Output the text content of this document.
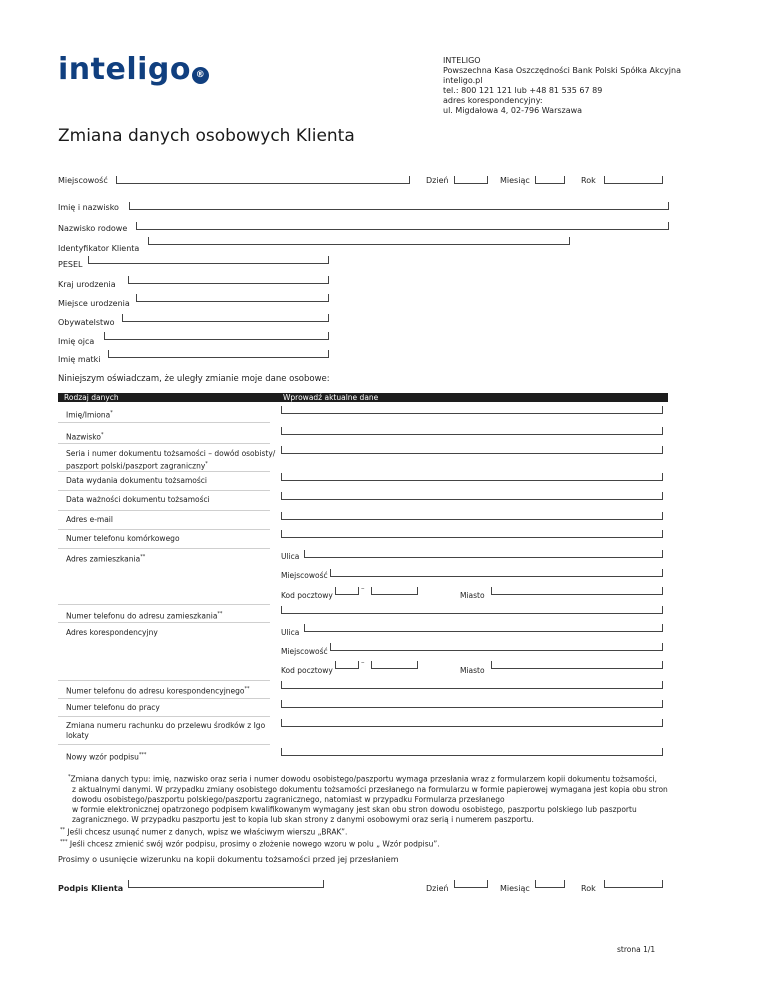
inteligo ®
INTELIGO
Powszechna Kasa Oszczędności Bank Polski Spółka Akcyjna
inteligo.pl
tel.: 800 121 121 lub +48 81 535 67 89
adres korespondencyjny:
ul. Migdałowa 4, 02-796 Warszawa
Zmiana danych osobowych Klienta
Miejscowość	Dzień	Miesiąc	Rok
Imię i nazwisko
Nazwisko rodowe
Identyfikator Klienta
PESEL
Kraj urodzenia
Miejsce urodzenia
Obywatelstwo
Imię ojca
Imię matki
Niniejszym oświadczam, że uległy zmianie moje dane osobowe:
Rodzaj danych	Wprowadź aktualne dane
Imię/Imiona*
Nazwisko*
Seria i numer dokumentu tożsamości – dowód osobisty/
paszport polski/paszport zagraniczny*
Data wydania dokumentu tożsamości
Data ważności dokumentu tożsamości
Adres e-mail
Numer telefonu komórkowego
Adres zamieszkania**	Ulica
Miejscowość
Kod pocztowy
–
Miasto
Numer telefonu do adresu zamieszkania**
Adres korespondencyjny	Ulica
Miejscowość
Kod pocztowy
–
Miasto
Numer telefonu do adresu korespondencyjnego**
Numer telefonu do pracy
Zmiana numeru rachunku do przelewu środków z Igo
lokaty
Nowy wzór podpisu***
*Zmiana danych typu: imię, nazwisko oraz seria i numer dowodu osobistego/paszportu wymaga przesłania wraz z formularzem kopii dokumentu tożsamości,
z aktualnymi danymi. W przypadku zmiany osobistego dokumentu tożsamości przesłanego na formularzu w formie papierowej wymagana jest kopia obu stron
dowodu osobistego/paszportu polskiego/paszportu zagranicznego, natomiast w przypadku Formularza przesłanego
w formie elektronicznej opatrzonego podpisem kwalifikowanym wymagany jest skan obu stron dowodu osobistego, paszportu polskiego lub paszportu
zagranicznego. W przypadku paszportu jest to kopia lub skan strony z danymi osobowymi oraz serią i numerem paszportu.
** Jeśli chcesz usunąć numer z danych, wpisz we właściwym wierszu „BRAK”.
*** Jeśli chcesz zmienić swój wzór podpisu, prosimy o złożenie nowego wzoru w polu „ Wzór podpisu”.
Prosimy o usunięcie wizerunku na kopii dokumentu tożsamości przed jej przesłaniem
Podpis Klienta	Dzień	Miesiąc	Rok
strona 1/1
